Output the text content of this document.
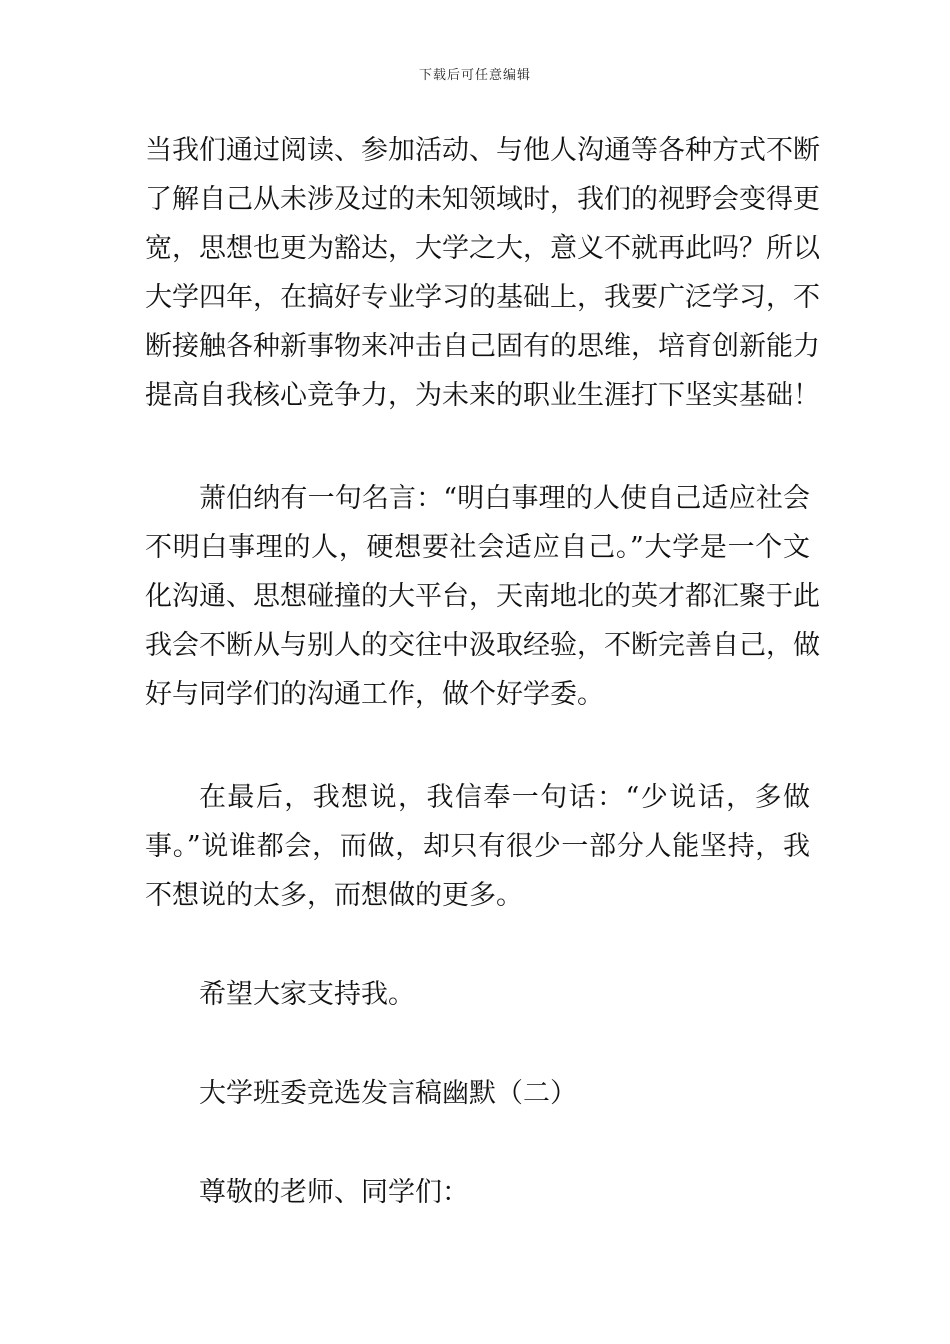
下载后可任意编辑
当我们通过阅读、参加活动、与他人沟通等各种方式不断
了解自己从未涉及过的未知领域时，我们的视野会变得更
宽，思想也更为豁达，大学之大，意义不就再此吗？所以
大学四年，在搞好专业学习的基础上，我要广泛学习，不
断接触各种新事物来冲击自己固有的思维，培育创新能力
提高自我核心竞争力，为未来的职业生涯打下坚实基础！
萧伯纳有一句名言：“明白事理的人使自己适应社会
不明白事理的人，硬想要社会适应自己。”大学是一个文
化沟通、思想碰撞的大平台，天南地北的英才都汇聚于此
我会不断从与别人的交往中汲取经验，不断完善自己，做
好与同学们的沟通工作，做个好学委。
在最后，我想说，我信奉一句话：“少说话，多做
事。”说谁都会，而做，却只有很少一部分人能坚持，我
不想说的太多，而想做的更多。
希望大家支持我。
大学班委竞选发言稿幽默（二）
尊敬的老师、同学们：
